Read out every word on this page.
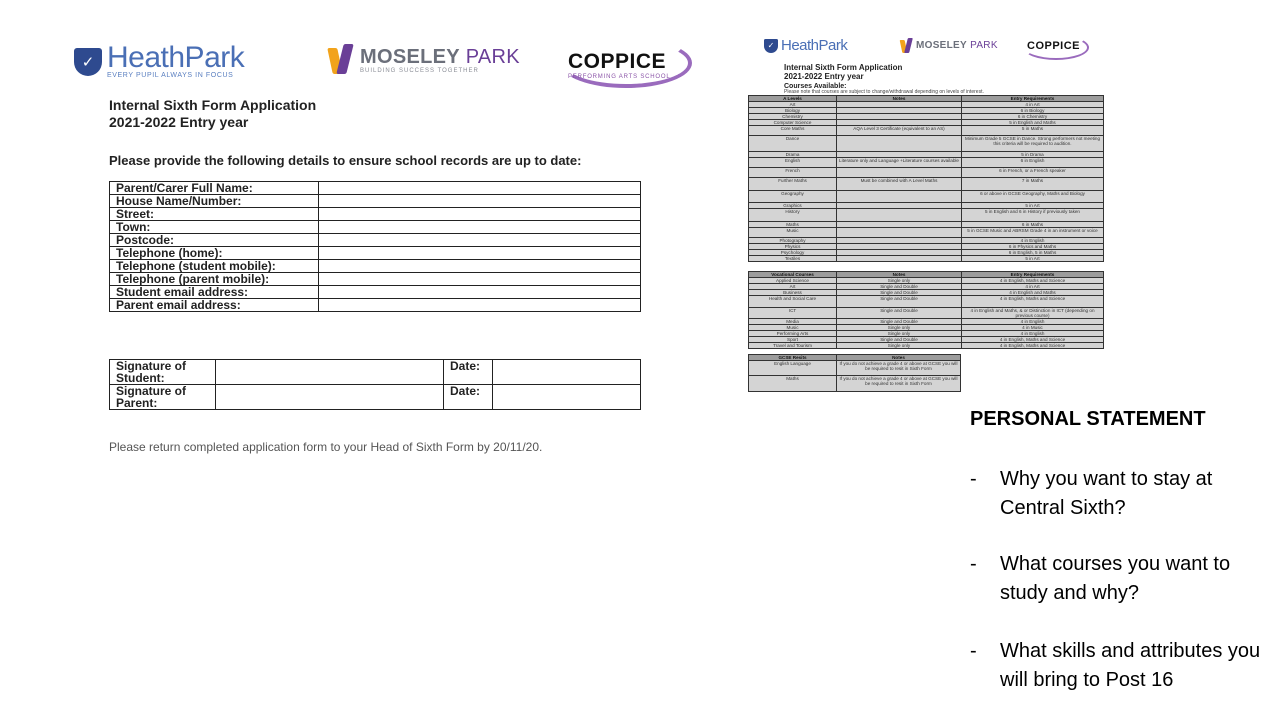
✓ HeathPark
EVERY PUPIL ALWAYS IN FOCUS
MOSELEY PARK
BUILDING SUCCESS TOGETHER	COPPICE
PERFORMING ARTS SCHOOL
Internal Sixth Form Application
2021-2022 Entry year
Please provide the following details to ensure school records are up to date:
Parent/Carer Full Name:	
House Name/Number:	
Street:	
Town:	
Postcode:	
Telephone (home):	
Telephone (student mobile):	
Telephone (parent mobile):	
Student email address:	
Parent email address:	
Signature of
Student:		Date:	

Signature of
Parent:		Date:	
Please return completed application form to your Head of Sixth Form by 20/11/20.
✓ HeathPark	MOSELEY PARK	COPPICE
Internal Sixth Form Application
2021-2022 Entry year
Courses Available:
Please note that courses are subject to change/withdrawal depending on levels of interest.
A Levels	Notes	Entry Requirements
Art		4 in Art
Biology		6 in Biology
Chemistry		6 in Chemistry
Computer Science		5 in English and Maths
Core Maths	AQA Level 3 Certificate (equivalent to an AS)	5 in Maths
Dance		Minimum Grade 5 GCSE in Dance. Strong performers not meeting this criteria will be required to audition.
Drama		5 in Drama
English	Literature only and Language +Literature courses available	6 in English
French		6 in French, or a French speaker
Further Maths	Must be combined with A Level Maths	7 in Maths
Geography		6 or above in GCSE Geography, Maths and Biology
Graphics		5 in Art
History		5 in English and 6 in History if previously taken
Maths		6 in Maths
Music		5 in GCSE Music and ABRSM Grade 4 in an instrument or voice
Photography		4 in English
Physics		6 in Physics and Maths
Psychology		6 in English, 5 in Maths
Textiles		5 in Art
Vocational Courses	Notes	Entry Requirements
Applied Science	Single only	4 in English, Maths and Science
Art	Single and Double	4 in Art
Business	Single and Double	4 in English and Maths
Health and Social Care	Single and Double	4 in English, Maths and Science
ICT	Single and Double	4 in English and Maths, & or Distinction in ICT (depending on previous course)
Media	Single and Double	4 in English
Music	Single only	4 in Music
Performing Arts	Single only	4 in English
Sport	Single and Double	4 in English, Maths and Science
Travel and Tourism	Single only	4 in English, Maths and Science
GCSE Resits	Notes
English Language	If you do not achieve a grade 4 or above at GCSE you will be required to resit in Sixth Form
Maths	If you do not achieve a grade 4 or above at GCSE you will be required to resit in Sixth Form
PERSONAL STATEMENT
- Why you want to stay at Central Sixth?
- What courses you want to study and why?
- What skills and attributes you will bring to Post 16
